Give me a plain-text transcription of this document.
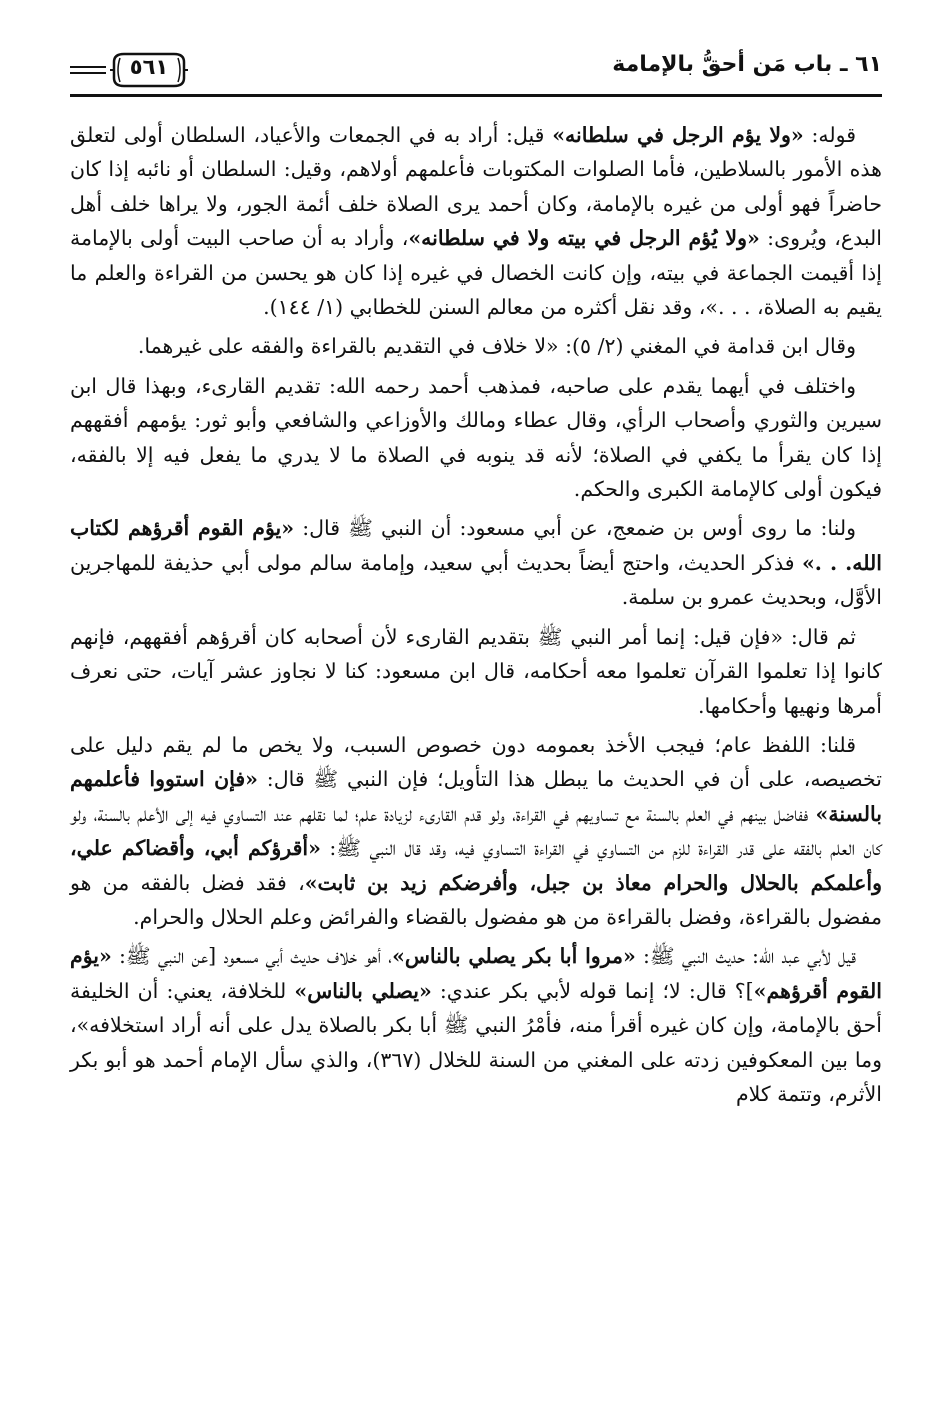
٦١ ـ باب مَن أحقُّ بالإمامة
٥٦١

قوله: «ولا يؤم الرجل في سلطانه» قيل: أراد به في الجمعات والأعياد، السلطان أولى لتعلق هذه الأمور بالسلاطين، فأما الصلوات المكتوبات فأعلمهم أولاهم، وقيل: السلطان أو نائبه إذا كان حاضراً فهو أولى من غيره بالإمامة، وكان أحمد يرى الصلاة خلف أئمة الجور، ولا يراها خلف أهل البدع، ويُروى: «ولا يُؤم الرجل في بيته ولا في سلطانه»، وأراد به أن صاحب البيت أولى بالإمامة إذا أقيمت الجماعة في بيته، وإن كانت الخصال في غيره إذا كان هو يحسن من القراءة والعلم ما يقيم به الصلاة، . . .»، وقد نقل أكثره من معالم السنن للخطابي (١/ ١٤٤).

وقال ابن قدامة في المغني (٢/ ٥): «لا خلاف في التقديم بالقراءة والفقه على غيرهما.

واختلف في أيهما يقدم على صاحبه، فمذهب أحمد رحمه الله: تقديم القارىء، وبهذا قال ابن سيرين والثوري وأصحاب الرأي، وقال عطاء ومالك والأوزاعي والشافعي وأبو ثور: يؤمهم أفقههم إذا كان يقرأ ما يكفي في الصلاة؛ لأنه قد ينوبه في الصلاة ما لا يدري ما يفعل فيه إلا بالفقه، فيكون أولى كالإمامة الكبرى والحكم.

ولنا: ما روى أوس بن ضمعج، عن أبي مسعود: أن النبي ﷺ قال: «يؤم القوم أقرؤهم لكتاب الله. . .» فذكر الحديث، واحتج أيضاً بحديث أبي سعيد، وإمامة سالم مولى أبي حذيفة للمهاجرين الأوَّل، وبحديث عمرو بن سلمة.

ثم قال: «فإن قيل: إنما أمر النبي ﷺ بتقديم القارىء لأن أصحابه كان أقرؤهم أفقههم، فإنهم كانوا إذا تعلموا القرآن تعلموا معه أحكامه، قال ابن مسعود: كنا لا نجاوز عشر آيات، حتى نعرف أمرها ونهيها وأحكامها.

قلنا: اللفظ عام؛ فيجب الأخذ بعمومه دون خصوص السبب، ولا يخص ما لم يقم دليل على تخصيصه، على أن في الحديث ما يبطل هذا التأويل؛ فإن النبي ﷺ قال: «فإن استووا فأعلمهم بالسنة» ففاضل بينهم في العلم بالسنة مع تساويهم في القراءة، ولو قدم القارىء لزيادة علم؛ لما نقلهم عند التساوي فيه إلى الأعلم بالسنة، ولو كان العلم بالفقه على قدر القراءة للزم من التساوي في القراءة التساوي فيه، وقد قال النبي ﷺ: «أقرؤكم أبي، وأقضاكم علي، وأعلمكم بالحلال والحرام معاذ بن جبل، وأفرضكم زيد بن ثابت»، فقد فضل بالفقه من هو مفضول بالقراءة، وفضل بالقراءة من هو مفضول بالقضاء والفرائض وعلم الحلال والحرام.

قيل لأبي عبد الله: حديث النبي ﷺ: «مروا أبا بكر يصلي بالناس»، أهو خلاف حديث أبي مسعود [عن النبي ﷺ: «يؤم القوم أقرؤهم»]؟ قال: لا؛ إنما قوله لأبي بكر عندي: «يصلي بالناس» للخلافة، يعني: أن الخليفة أحق بالإمامة، وإن كان غيره أقرأ منه، فأمْرُ النبي ﷺ أبا بكر بالصلاة يدل على أنه أراد استخلافه»، وما بين المعكوفين زدته على المغني من السنة للخلال (٣٦٧)، والذي سأل الإمام أحمد هو أبو بكر الأثرم، وتتمة كلام
